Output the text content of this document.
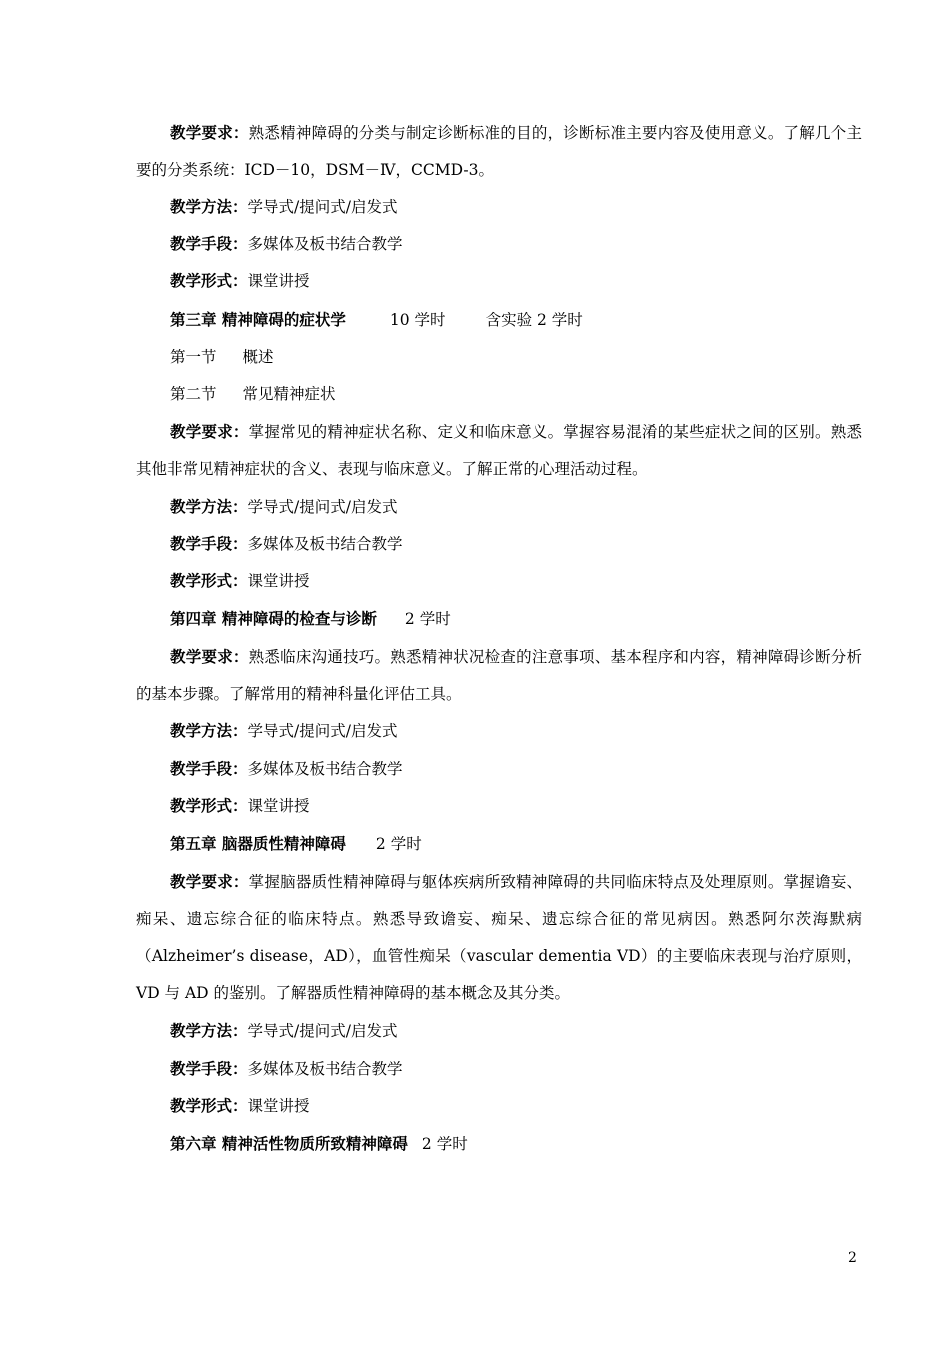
教学要求：熟悉精神障碍的分类与制定诊断标准的目的，诊断标准主要内容及使用意义。了解几个主要的分类系统：ICD－10，DSM－Ⅳ，CCMD-3。

教学方法：学导式/提问式/启发式

教学手段：多媒体及板书结合教学

教学形式：课堂讲授

第三章 精神障碍的症状学	10 学时	含实验 2 学时

第一节 概述

第二节 常见精神症状

教学要求：掌握常见的精神症状名称、定义和临床意义。掌握容易混淆的某些症状之间的区别。熟悉其他非常见精神症状的含义、表现与临床意义。了解正常的心理活动过程。

教学方法：学导式/提问式/启发式

教学手段：多媒体及板书结合教学

教学形式：课堂讲授

第四章 精神障碍的检查与诊断 2 学时

教学要求：熟悉临床沟通技巧。熟悉精神状况检查的注意事项、基本程序和内容，精神障碍诊断分析的基本步骤。了解常用的精神科量化评估工具。

教学方法：学导式/提问式/启发式

教学手段：多媒体及板书结合教学

教学形式：课堂讲授

第五章 脑器质性精神障碍 2 学时

教学要求：掌握脑器质性精神障碍与躯体疾病所致精神障碍的共同临床特点及处理原则。掌握谵妄、痴呆、遗忘综合征的临床特点。熟悉导致谵妄、痴呆、遗忘综合征的常见病因。熟悉阿尔茨海默病（Alzheimer’s disease，AD），血管性痴呆（vascular dementia VD）的主要临床表现与治疗原则，VD 与 AD 的鉴别。了解器质性精神障碍的基本概念及其分类。

教学方法：学导式/提问式/启发式

教学手段：多媒体及板书结合教学

教学形式：课堂讲授

第六章 精神活性物质所致精神障碍 2 学时

2
